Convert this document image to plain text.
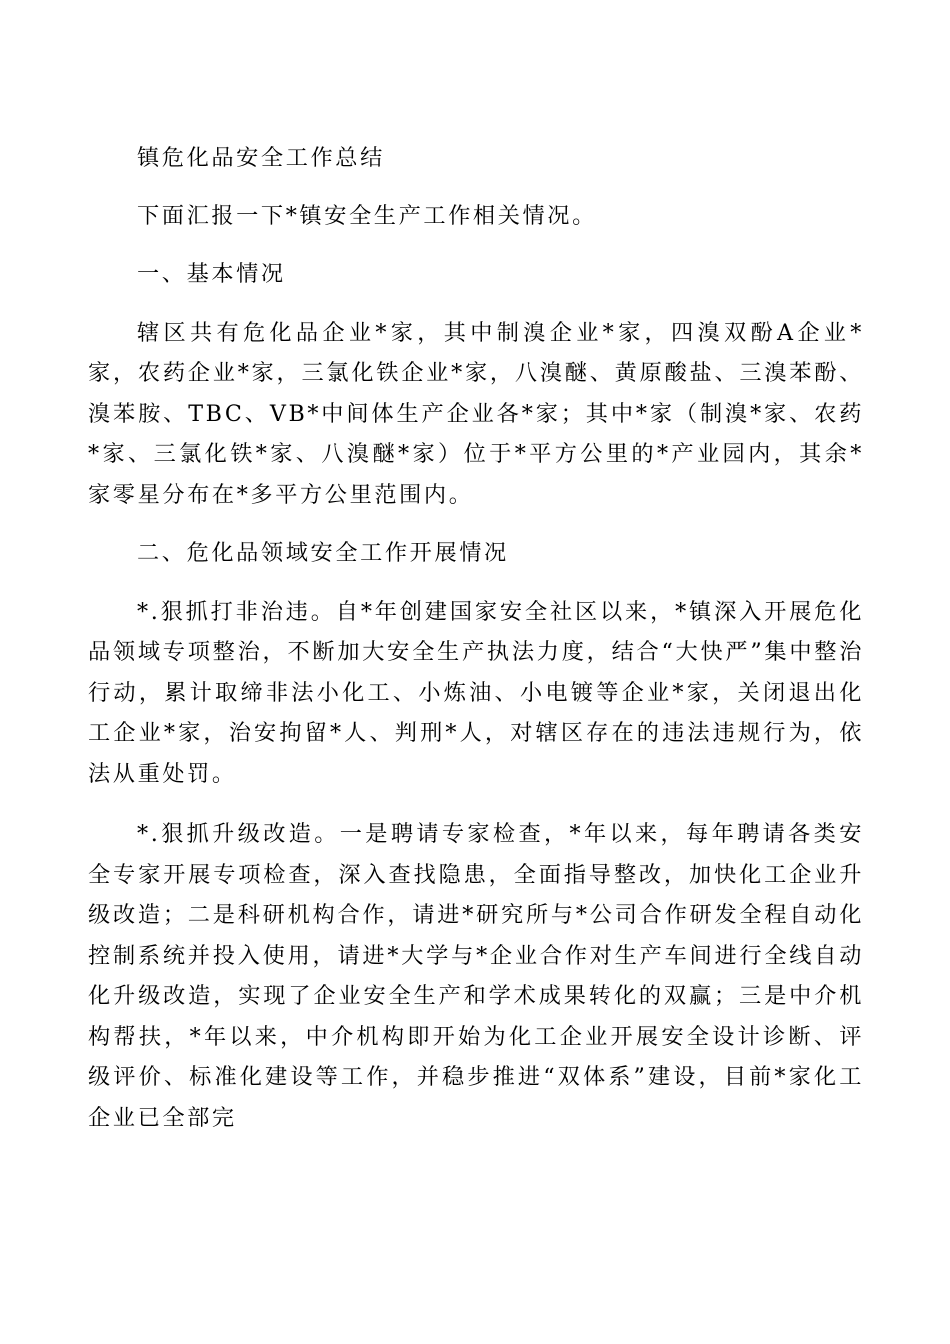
镇危化品安全工作总结

下面汇报一下*镇安全生产工作相关情况。

一、基本情况

辖区共有危化品企业*家，其中制溴企业*家，四溴双酚A企业*家，农药企业*家，三氯化铁企业*家，八溴醚、黄原酸盐、三溴苯酚、溴苯胺、TBC、VB*中间体生产企业各*家；其中*家（制溴*家、农药*家、三氯化铁*家、八溴醚*家）位于*平方公里的*产业园内，其余*家零星分布在*多平方公里范围内。

二、危化品领域安全工作开展情况

*.狠抓打非治违。自*年创建国家安全社区以来，*镇深入开展危化品领域专项整治，不断加大安全生产执法力度，结合“大快严”集中整治行动，累计取缔非法小化工、小炼油、小电镀等企业*家，关闭退出化工企业*家，治安拘留*人、判刑*人，对辖区存在的违法违规行为，依法从重处罚。

*.狠抓升级改造。一是聘请专家检查，*年以来，每年聘请各类安全专家开展专项检查，深入查找隐患，全面指导整改，加快化工企业升级改造；二是科研机构合作，请进*研究所与*公司合作研发全程自动化控制系统并投入使用，请进*大学与*企业合作对生产车间进行全线自动化升级改造，实现了企业安全生产和学术成果转化的双赢；三是中介机构帮扶，*年以来，中介机构即开始为化工企业开展安全设计诊断、评级评价、标准化建设等工作，并稳步推进“双体系”建设，目前*家化工企业已全部完
